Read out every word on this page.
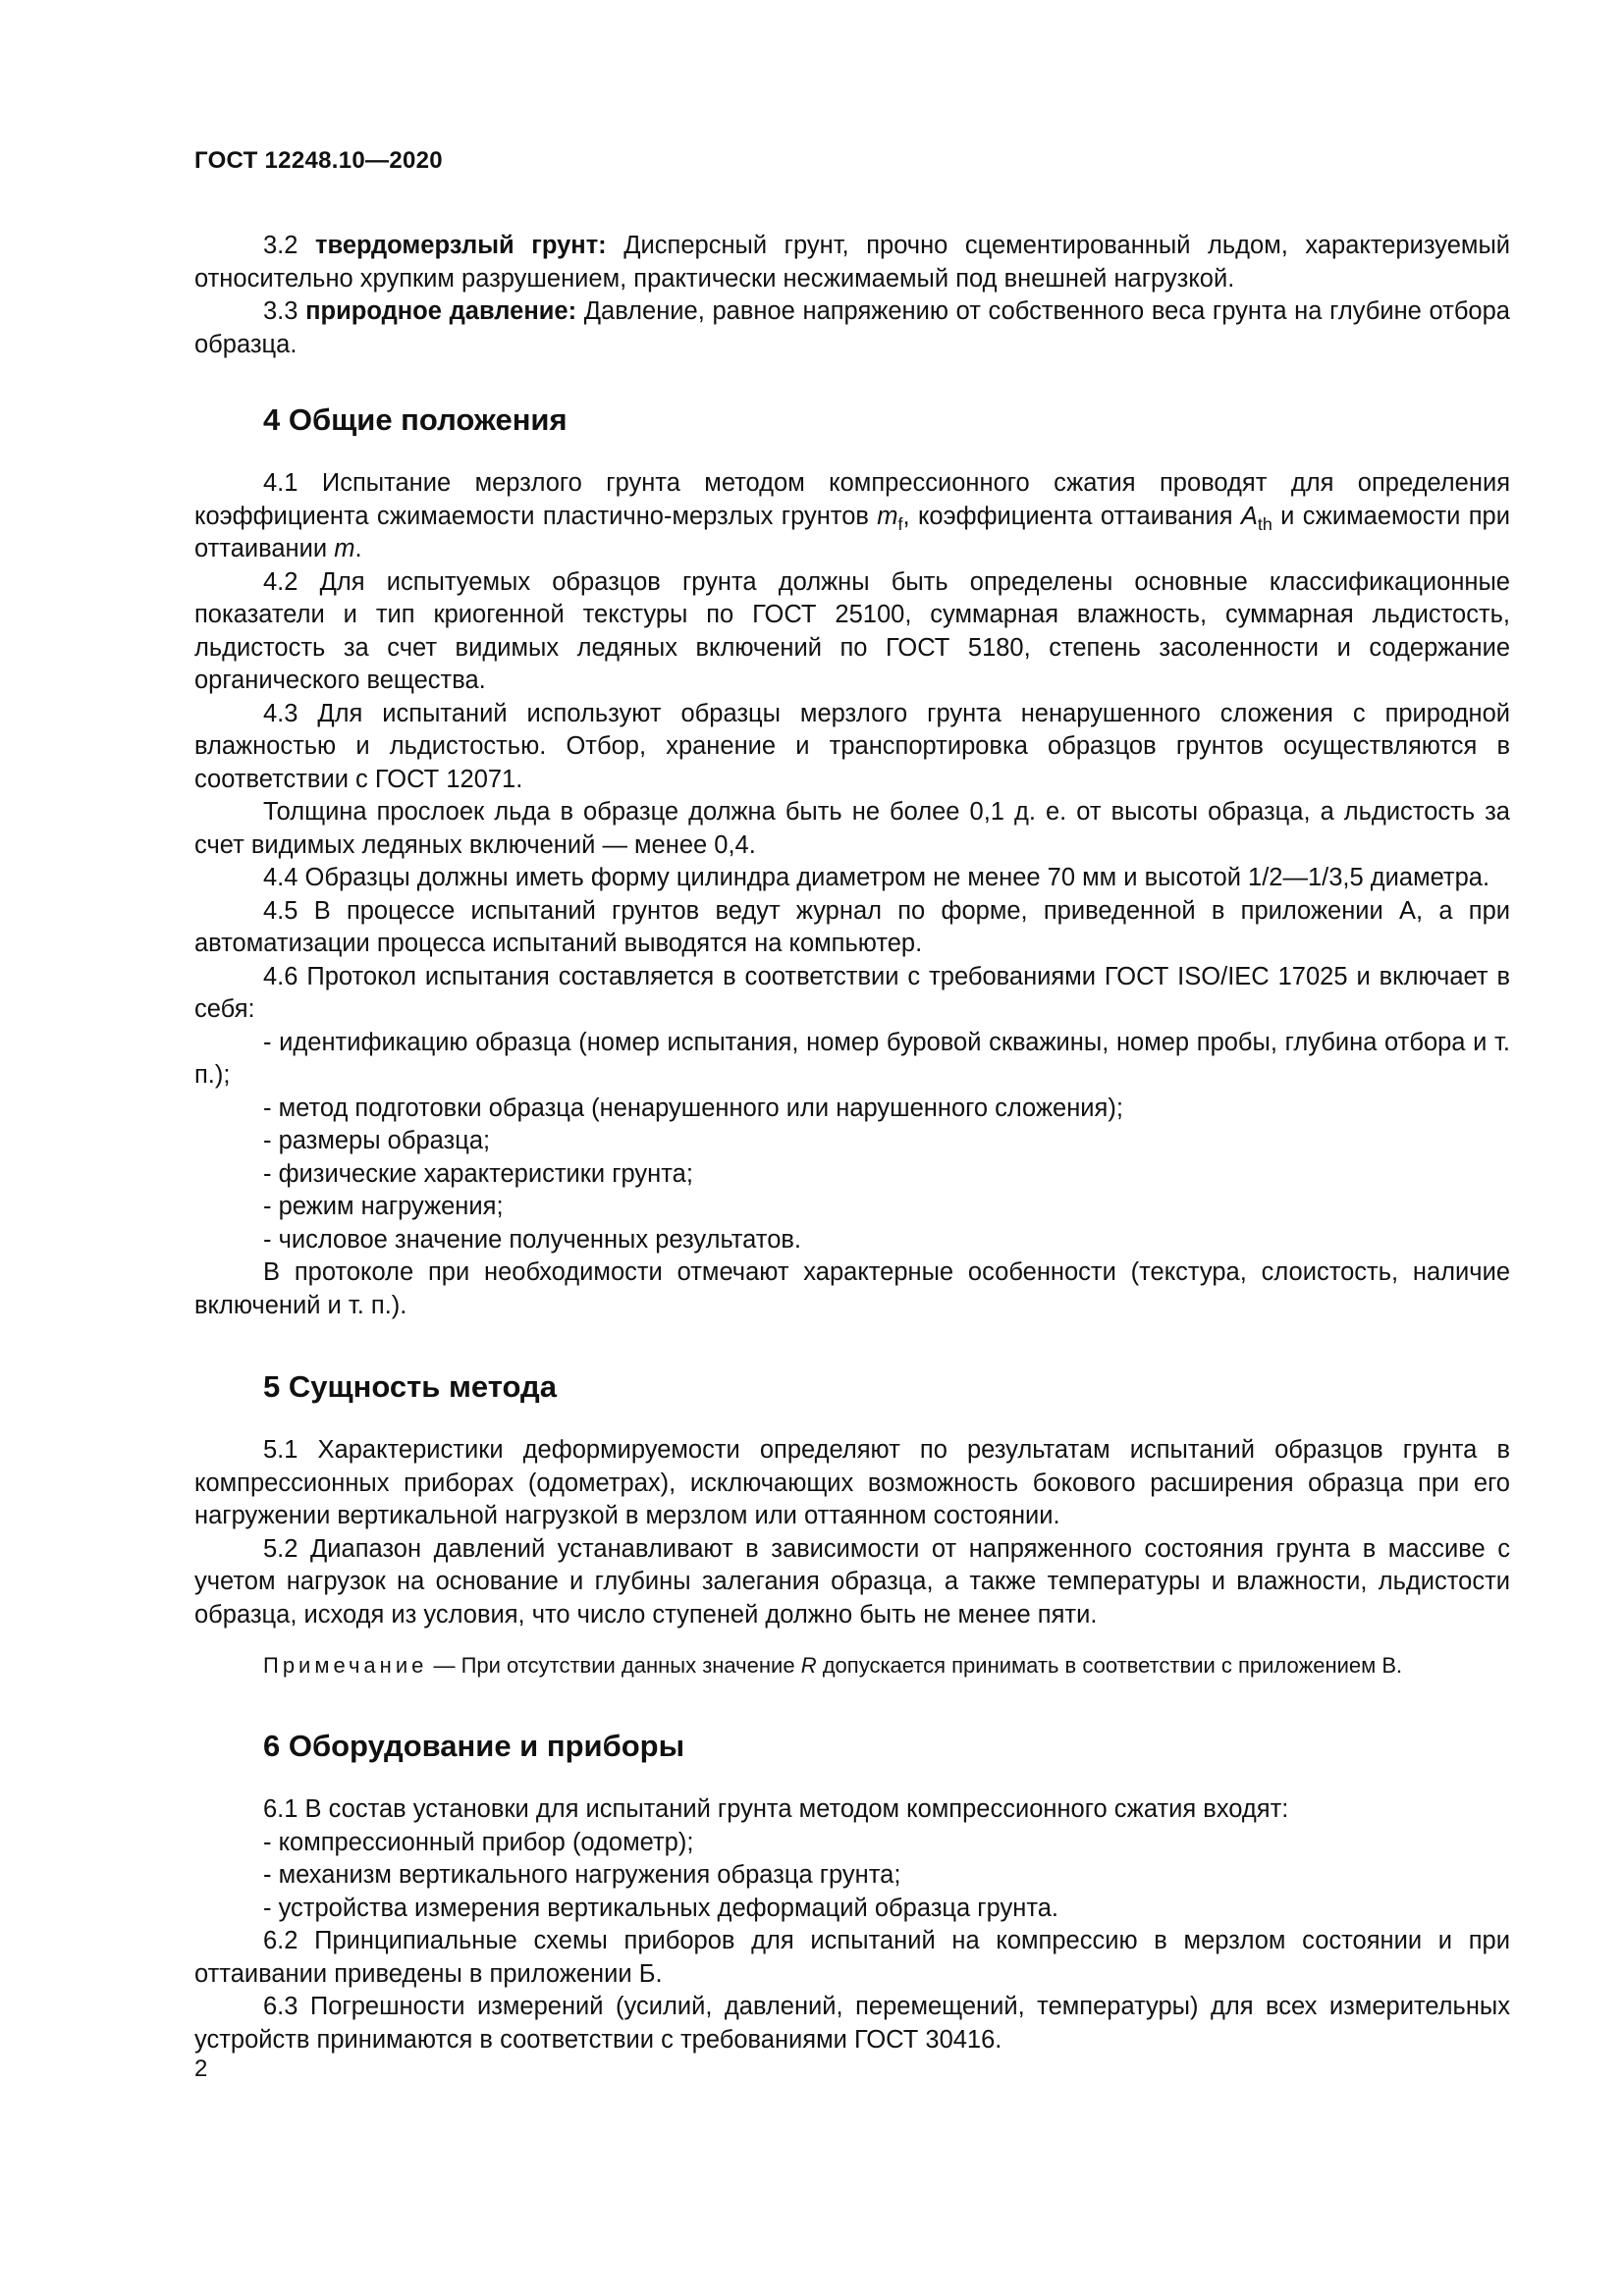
ГОСТ 12248.10—2020

3.2 твердомерзлый грунт: Дисперсный грунт, прочно сцементированный льдом, характеризуемый относительно хрупким разрушением, практически несжимаемый под внешней нагрузкой.

3.3 природное давление: Давление, равное напряжению от собственного веса грунта на глубине отбора образца.

4 Общие положения

4.1 Испытание мерзлого грунта методом компрессионного сжатия проводят для определения коэффициента сжимаемости пластично-мерзлых грунтов $m_f$, коэффициента оттаивания $A_{th}$ и сжимаемости при оттаивании m.

4.2 Для испытуемых образцов грунта должны быть определены основные классификационные показатели и тип криогенной текстуры по ГОСТ 25100, суммарная влажность, суммарная льдистость, льдистость за счет видимых ледяных включений по ГОСТ 5180, степень засоленности и содержание органического вещества.

4.3 Для испытаний используют образцы мерзлого грунта ненарушенного сложения с природной влажностью и льдистостью. Отбор, хранение и транспортировка образцов грунтов осуществляются в соответствии с ГОСТ 12071.

Толщина прослоек льда в образце должна быть не более 0,1 д. е. от высоты образца, а льдистость за счет видимых ледяных включений — менее 0,4.

4.4 Образцы должны иметь форму цилиндра диаметром не менее 70 мм и высотой 1/2—1/3,5 диаметра.

4.5 В процессе испытаний грунтов ведут журнал по форме, приведенной в приложении А, а при автоматизации процесса испытаний выводятся на компьютер.

4.6 Протокол испытания составляется в соответствии с требованиями ГОСТ ISO/IEC 17025 и включает в себя:

- идентификацию образца (номер испытания, номер буровой скважины, номер пробы, глубина отбора и т. п.);

- метод подготовки образца (ненарушенного или нарушенного сложения);

- размеры образца;

- физические характеристики грунта;

- режим нагружения;

- числовое значение полученных результатов.

В протоколе при необходимости отмечают характерные особенности (текстура, слоистость, наличие включений и т. п.).

5 Сущность метода

5.1 Характеристики деформируемости определяют по результатам испытаний образцов грунта в компрессионных приборах (одометрах), исключающих возможность бокового расширения образца при его нагружении вертикальной нагрузкой в мерзлом или оттаянном состоянии.

5.2 Диапазон давлений устанавливают в зависимости от напряженного состояния грунта в массиве с учетом нагрузок на основание и глубины залегания образца, а также температуры и влажности, льдистости образца, исходя из условия, что число ступеней должно быть не менее пяти.

Примечание — При отсутствии данных значение R допускается принимать в соответствии с приложением В.
6 Оборудование и приборы

6.1 В состав установки для испытаний грунта методом компрессионного сжатия входят:

- компрессионный прибор (одометр);

- механизм вертикального нагружения образца грунта;

- устройства измерения вертикальных деформаций образца грунта.

6.2 Принципиальные схемы приборов для испытаний на компрессию в мерзлом состоянии и при оттаивании приведены в приложении Б.

6.3 Погрешности измерений (усилий, давлений, перемещений, температуры) для всех измерительных устройств принимаются в соответствии с требованиями ГОСТ 30416.

2
